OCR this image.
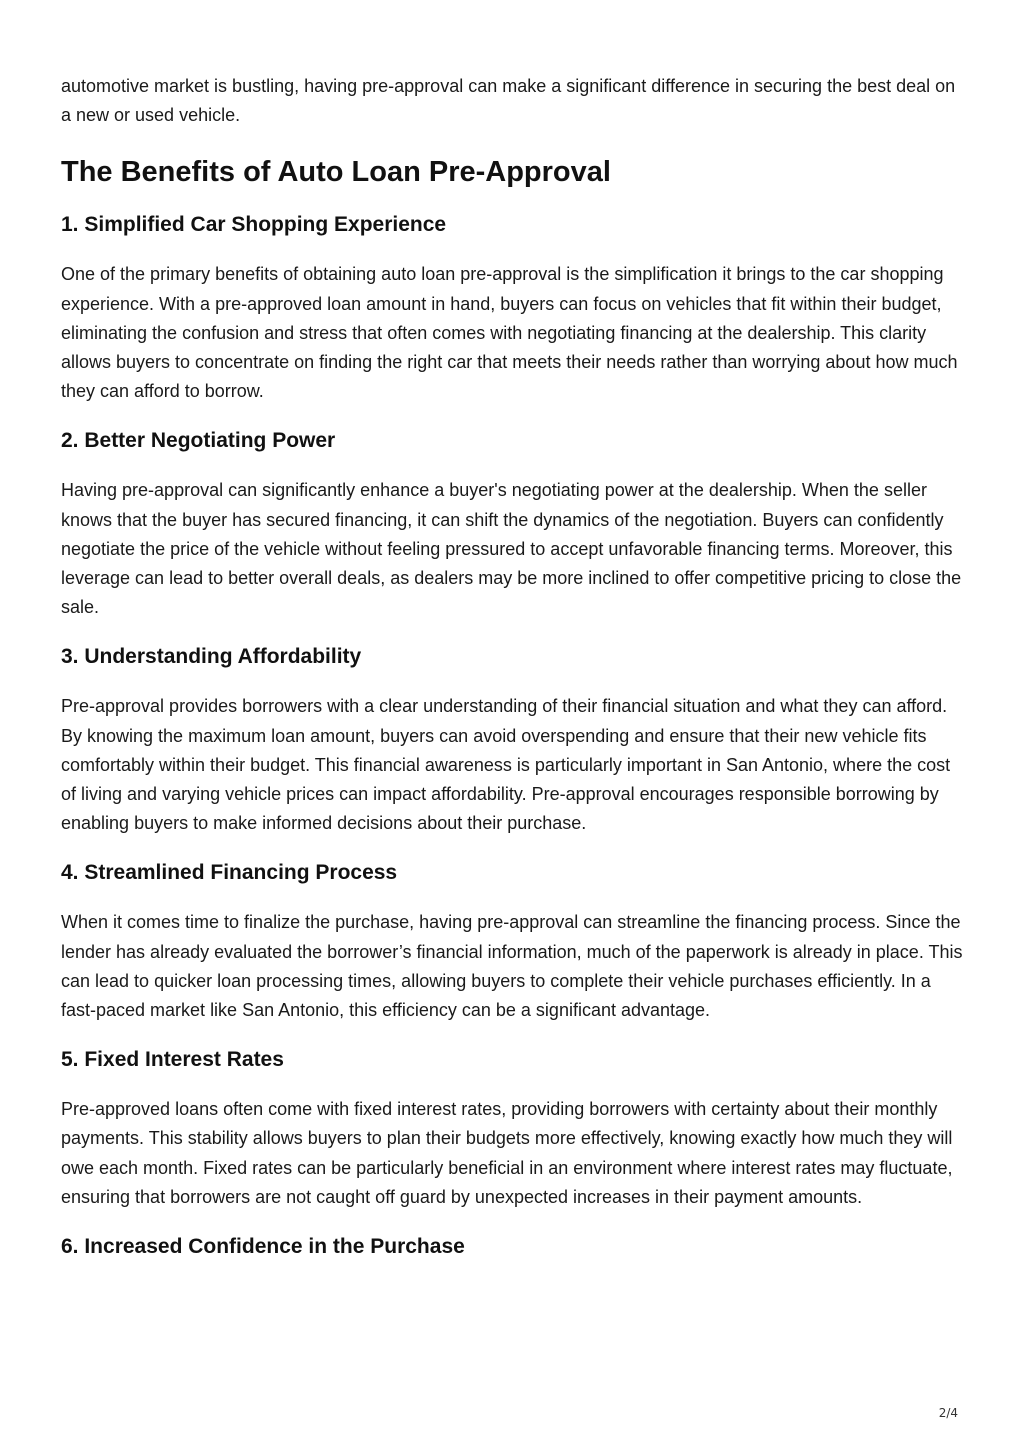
automotive market is bustling, having pre-approval can make a significant difference in securing the best deal on a new or used vehicle.

The Benefits of Auto Loan Pre-Approval
1. Simplified Car Shopping Experience

One of the primary benefits of obtaining auto loan pre-approval is the simplification it brings to the car shopping experience. With a pre-approved loan amount in hand, buyers can focus on vehicles that fit within their budget, eliminating the confusion and stress that often comes with negotiating financing at the dealership. This clarity allows buyers to concentrate on finding the right car that meets their needs rather than worrying about how much they can afford to borrow.

2. Better Negotiating Power

Having pre-approval can significantly enhance a buyer's negotiating power at the dealership. When the seller knows that the buyer has secured financing, it can shift the dynamics of the negotiation. Buyers can confidently negotiate the price of the vehicle without feeling pressured to accept unfavorable financing terms. Moreover, this leverage can lead to better overall deals, as dealers may be more inclined to offer competitive pricing to close the sale.

3. Understanding Affordability

Pre-approval provides borrowers with a clear understanding of their financial situation and what they can afford. By knowing the maximum loan amount, buyers can avoid overspending and ensure that their new vehicle fits comfortably within their budget. This financial awareness is particularly important in San Antonio, where the cost of living and varying vehicle prices can impact affordability. Pre-approval encourages responsible borrowing by enabling buyers to make informed decisions about their purchase.

4. Streamlined Financing Process

When it comes time to finalize the purchase, having pre-approval can streamline the financing process. Since the lender has already evaluated the borrower’s financial information, much of the paperwork is already in place. This can lead to quicker loan processing times, allowing buyers to complete their vehicle purchases efficiently. In a fast-paced market like San Antonio, this efficiency can be a significant advantage.

5. Fixed Interest Rates

Pre-approved loans often come with fixed interest rates, providing borrowers with certainty about their monthly payments. This stability allows buyers to plan their budgets more effectively, knowing exactly how much they will owe each month. Fixed rates can be particularly beneficial in an environment where interest rates may fluctuate, ensuring that borrowers are not caught off guard by unexpected increases in their payment amounts.

6. Increased Confidence in the Purchase
2/4
